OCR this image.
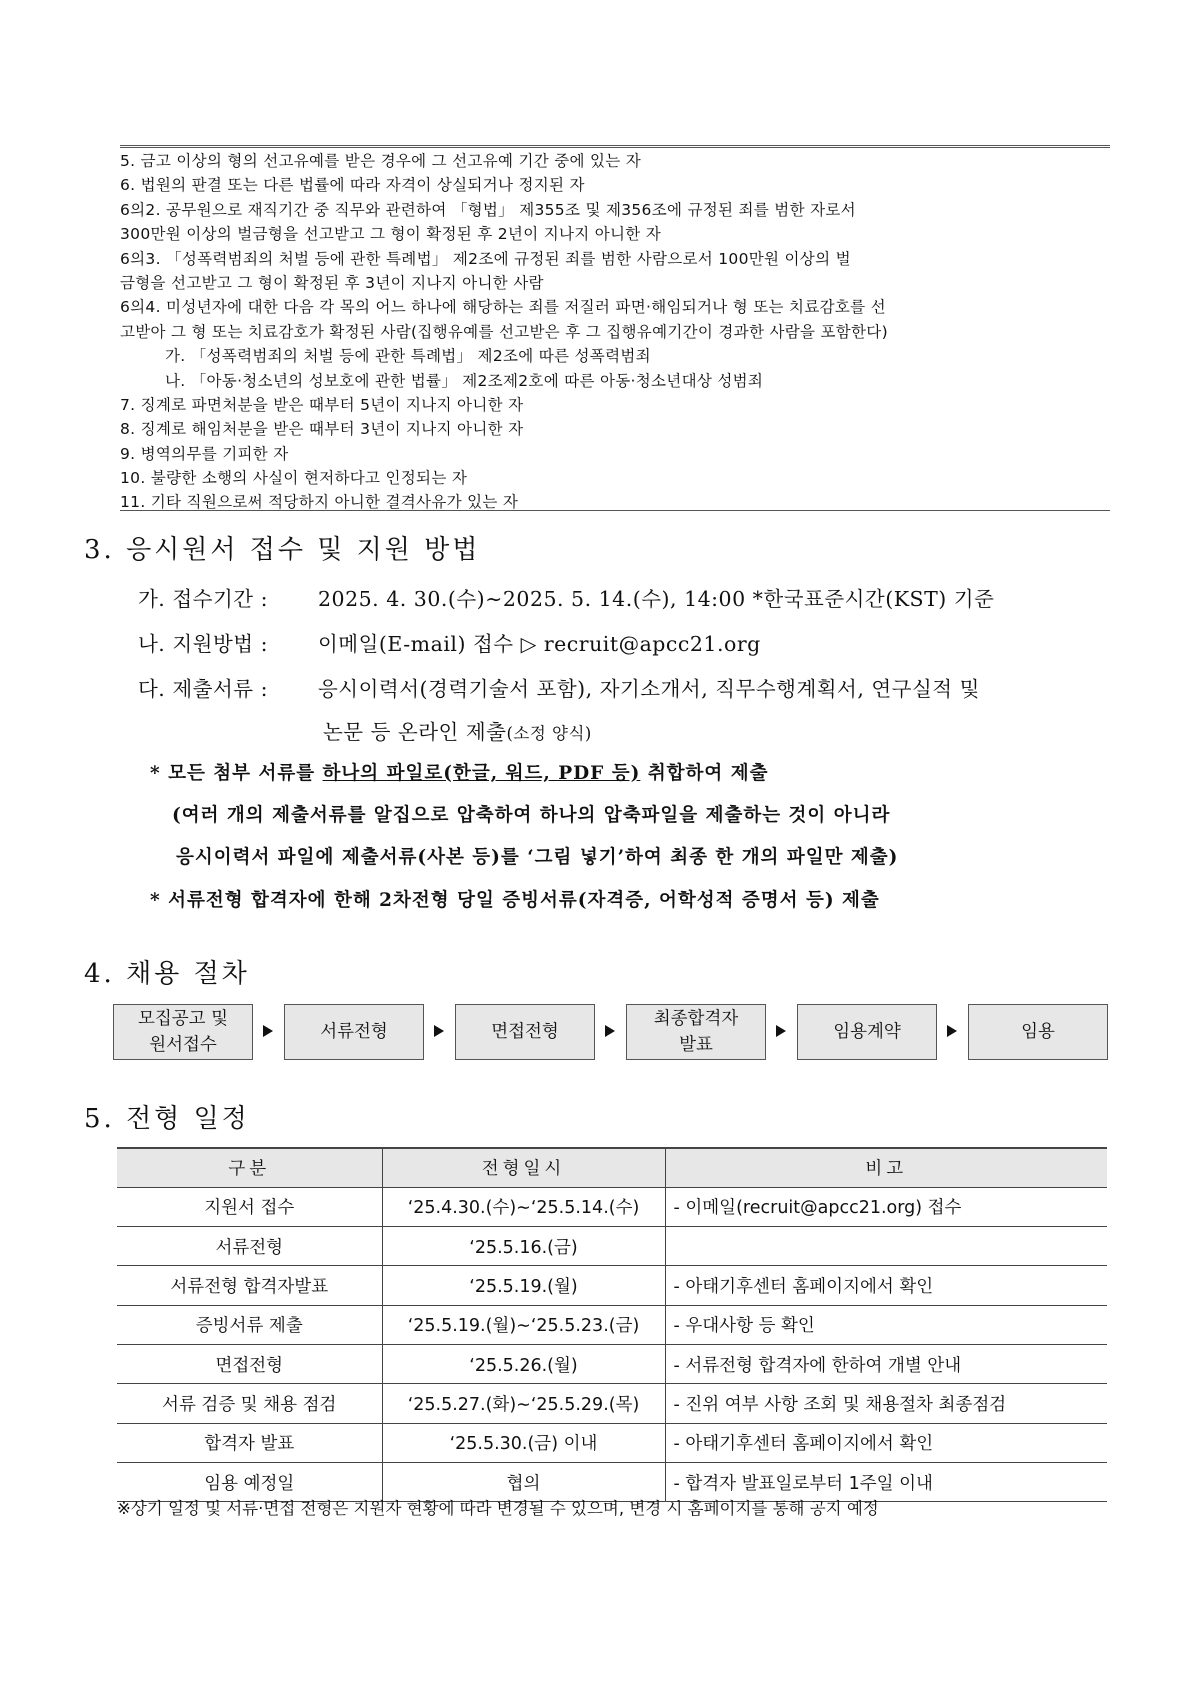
5. 금고 이상의 형의 선고유예를 받은 경우에 그 선고유예 기간 중에 있는 자
6. 법원의 판결 또는 다른 법률에 따라 자격이 상실되거나 정지된 자
6의2. 공무원으로 재직기간 중 직무와 관련하여 「형법」 제355조 및 제356조에 규정된 죄를 범한 자로서
300만원 이상의 벌금형을 선고받고 그 형이 확정된 후 2년이 지나지 아니한 자
6의3. 「성폭력범죄의 처벌 등에 관한 특례법」 제2조에 규정된 죄를 범한 사람으로서 100만원 이상의 벌
금형을 선고받고 그 형이 확정된 후 3년이 지나지 아니한 사람
6의4. 미성년자에 대한 다음 각 목의 어느 하나에 해당하는 죄를 저질러 파면·해임되거나 형 또는 치료감호를 선
고받아 그 형 또는 치료감호가 확정된 사람(집행유예를 선고받은 후 그 집행유예기간이 경과한 사람을 포함한다)
가. 「성폭력범죄의 처벌 등에 관한 특례법」 제2조에 따른 성폭력범죄
나. 「아동·청소년의 성보호에 관한 법률」 제2조제2호에 따른 아동·청소년대상 성범죄
7. 징계로 파면처분을 받은 때부터 5년이 지나지 아니한 자
8. 징계로 해임처분을 받은 때부터 3년이 지나지 아니한 자
9. 병역의무를 기피한 자
10. 불량한 소행의 사실이 현저하다고 인정되는 자
11. 기타 직원으로써 적당하지 아니한 결격사유가 있는 자
3. 응시원서 접수 및 지원 방법
가. 접수기간 : 2025. 4. 30.(수)∼2025. 5. 14.(수), 14:00 *한국표준시간(KST) 기준
나. 지원방법 : 이메일(E-mail) 접수 ▷ recruit@apcc21.org
다. 제출서류 : 응시이력서(경력기술서 포함), 자기소개서, 직무수행계획서, 연구실적 및
논문 등 온라인 제출(소정 양식)
* 모든 첨부 서류를 하나의 파일로(한글, 워드, PDF 등) 취합하여 제출
(여러 개의 제출서류를 알집으로 압축하여 하나의 압축파일을 제출하는 것이 아니라
응시이력서 파일에 제출서류(사본 등)를 ‘그림 넣기’하여 최종 한 개의 파일만 제출)
* 서류전형 합격자에 한해 2차전형 당일 증빙서류(자격증, 어학성적 증명서 등) 제출
4. 채용 절차
모집공고 및
원서접수
서류전형	면접전형
최종합격자
발표
임용계약	임용
5. 전형 일정
구분	전형일시	비고
지원서 접수	‘25.4.30.(수)∼‘25.5.14.(수)	- 이메일(recruit@apcc21.org) 접수
서류전형	‘25.5.16.(금)	
서류전형 합격자발표	‘25.5.19.(월)	- 아태기후센터 홈페이지에서 확인
증빙서류 제출	‘25.5.19.(월)∼‘25.5.23.(금)	- 우대사항 등 확인
면접전형	‘25.5.26.(월)	- 서류전형 합격자에 한하여 개별 안내
서류 검증 및 채용 점검	‘25.5.27.(화)∼‘25.5.29.(목)	- 진위 여부 사항 조회 및 채용절차 최종점검
합격자 발표	‘25.5.30.(금) 이내	- 아태기후센터 홈페이지에서 확인
임용 예정일	협의	- 합격자 발표일로부터 1주일 이내
※상기 일정 및 서류·면접 전형은 지원자 현황에 따라 변경될 수 있으며, 변경 시 홈페이지를 통해 공지 예정
